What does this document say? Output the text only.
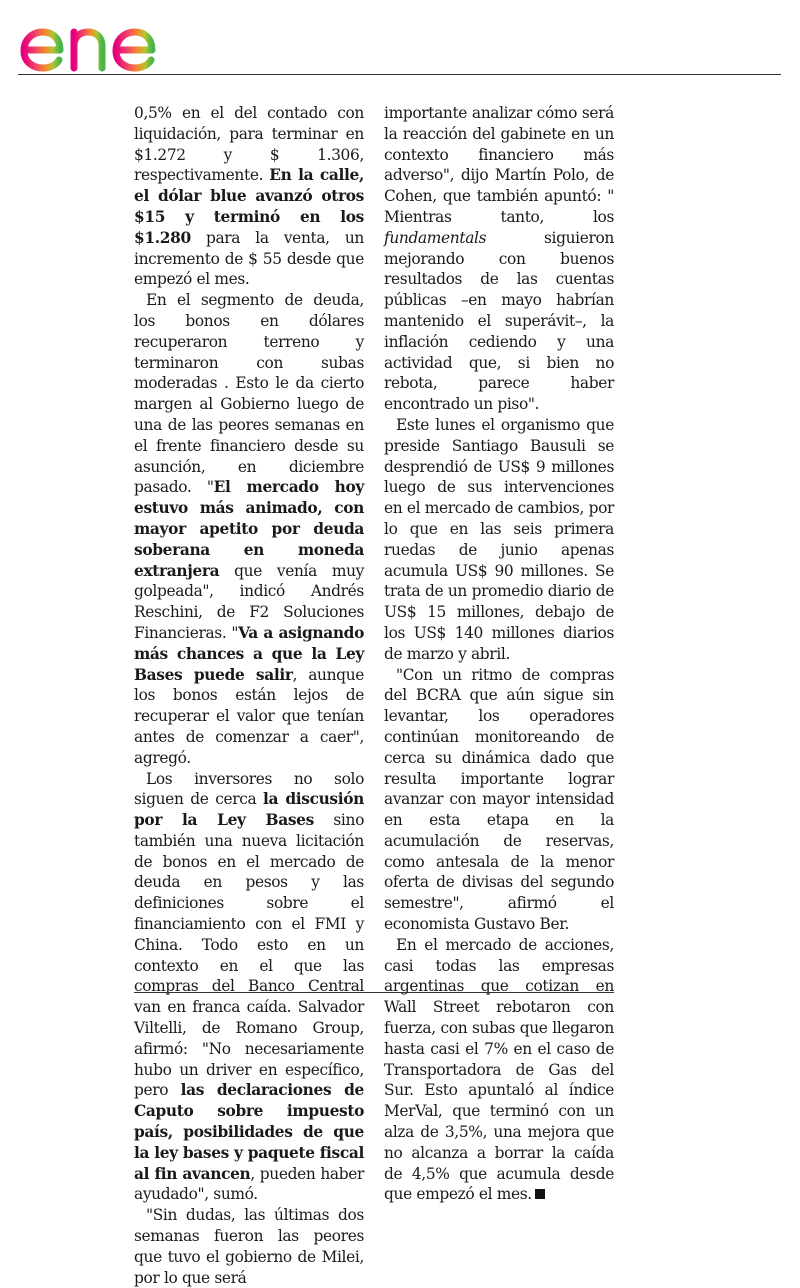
0,5% en el del contado con liquidación, para terminar en $1.272 y $ 1.306, respectivamente. En la calle, el dólar blue avanzó otros $15 y terminó en los $1.280 para la venta, un incremento de $ 55 desde que empezó el mes.

En el segmento de deuda, los bonos en dólares recuperaron terreno y terminaron con subas moderadas . Esto le da cierto margen al Gobierno luego de una de las peores semanas en el frente financiero desde su asunción, en diciembre pasado. "El mercado hoy estuvo más animado, con mayor apetito por deuda soberana en moneda extranjera que venía muy golpeada", indicó Andrés Reschini, de F2 Soluciones Financieras. "Va a asignando más chances a que la Ley Bases puede salir, aunque los bonos están lejos de recuperar el valor que tenían antes de comenzar a caer", agregó.

Los inversores no solo siguen de cerca la discusión por la Ley Bases sino también una nueva licitación de bonos en el mercado de deuda en pesos y las definiciones sobre el financiamiento con el FMI y China. Todo esto en un contexto en el que las compras del Banco Central van en franca caída. Salvador Viltelli, de Romano Group, afirmó: "No necesariamente hubo un driver en específico, pero las declaraciones de Caputo sobre impuesto país, posibilidades de que la ley bases y paquete fiscal al fin avancen, pueden haber ayudado", sumó.

"Sin dudas, las últimas dos semanas fueron las peores que tuvo el gobierno de Milei, por lo que será

importante analizar cómo será la reacción del gabinete en un contexto financiero más adverso", dijo Martín Polo, de Cohen, que también apuntó: " Mientras tanto, los fundamentals siguieron mejorando con buenos resultados de las cuentas públicas –en mayo habrían mantenido el superávit–, la inflación cediendo y una actividad que, si bien no rebota, parece haber encontrado un piso".

Este lunes el organismo que preside Santiago Bausuli se desprendió de US$ 9 millones luego de sus intervenciones en el mercado de cambios, por lo que en las seis primera ruedas de junio apenas acumula US$ 90 millones. Se trata de un promedio diario de US$ 15 millones, debajo de los US$ 140 millones diarios de marzo y abril.

"Con un ritmo de compras del BCRA que aún sigue sin levantar, los operadores continúan monitoreando de cerca su dinámica dado que resulta importante lograr avanzar con mayor intensidad en esta etapa en la acumulación de reservas, como antesala de la menor oferta de divisas del segundo semestre", afirmó el economista Gustavo Ber.

En el mercado de acciones, casi todas las empresas argentinas que cotizan en Wall Street rebotaron con fuerza, con subas que llegaron hasta casi el 7% en el caso de Transportadora de Gas del Sur. Esto apuntaló al índice MerVal, que terminó con un alza de 3,5%, una mejora que no alcanza a borrar la caída de 4,5% que acumula desde que empezó el mes.
